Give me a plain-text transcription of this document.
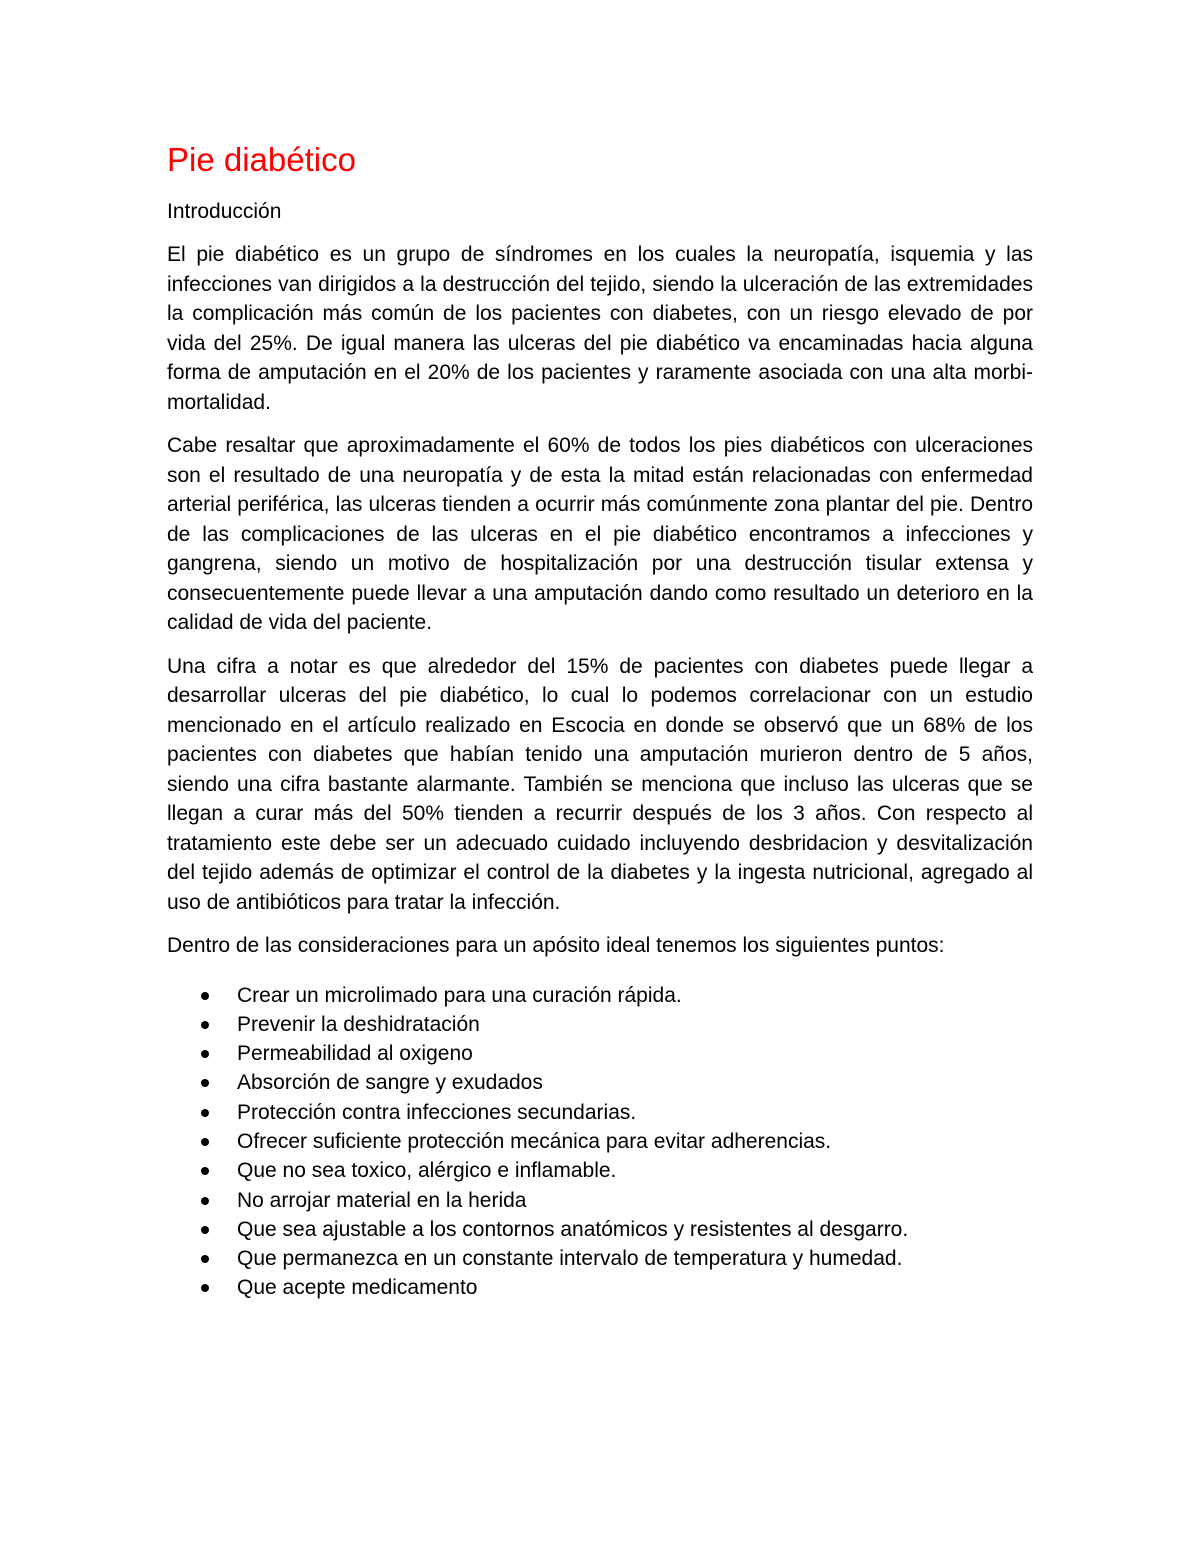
Pie diabético
Introducción

El pie diabético es un grupo de síndromes en los cuales la neuropatía, isquemia y las infecciones van dirigidos a la destrucción del tejido, siendo la ulceración de las extremidades la complicación más común de los pacientes con diabetes, con un riesgo elevado de por vida del 25%. De igual manera las ulceras del pie diabético va encaminadas hacia alguna forma de amputación en el 20% de los pacientes y raramente asociada con una alta morbi-mortalidad.

Cabe resaltar que aproximadamente el 60% de todos los pies diabéticos con ulceraciones son el resultado de una neuropatía y de esta la mitad están relacionadas con enfermedad arterial periférica, las ulceras tienden a ocurrir más comúnmente zona plantar del pie. Dentro de las complicaciones de las ulceras en el pie diabético encontramos a infecciones y gangrena, siendo un motivo de hospitalización por una destrucción tisular extensa y consecuentemente puede llevar a una amputación dando como resultado un deterioro en la calidad de vida del paciente.

Una cifra a notar es que alrededor del 15% de pacientes con diabetes puede llegar a desarrollar ulceras del pie diabético, lo cual lo podemos correlacionar con un estudio mencionado en el artículo realizado en Escocia en donde se observó que un 68% de los pacientes con diabetes que habían tenido una amputación murieron dentro de 5 años, siendo una cifra bastante alarmante. También se menciona que incluso las ulceras que se llegan a curar más del 50% tienden a recurrir después de los 3 años. Con respecto al tratamiento este debe ser un adecuado cuidado incluyendo desbridacion y desvitalización del tejido además de optimizar el control de la diabetes y la ingesta nutricional, agregado al uso de antibióticos para tratar la infección.

Dentro de las consideraciones para un apósito ideal tenemos los siguientes puntos:

Crear un microlimado para una curación rápida.
Prevenir la deshidratación
Permeabilidad al oxigeno
Absorción de sangre y exudados
Protección contra infecciones secundarias.
Ofrecer suficiente protección mecánica para evitar adherencias.
Que no sea toxico, alérgico e inflamable.
No arrojar material en la herida
Que sea ajustable a los contornos anatómicos y resistentes al desgarro.
Que permanezca en un constante intervalo de temperatura y humedad.
Que acepte medicamento
